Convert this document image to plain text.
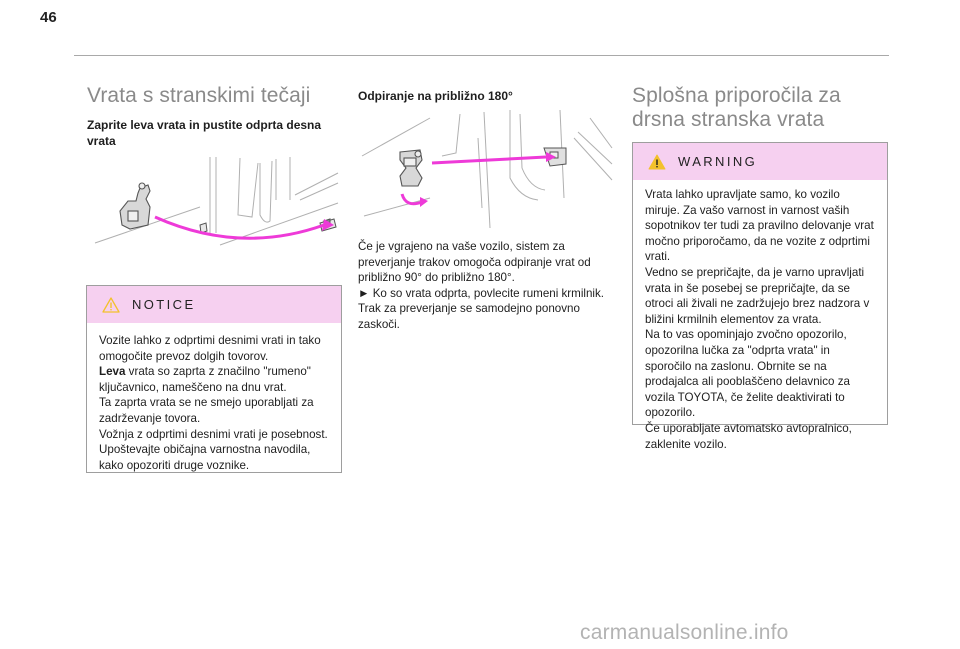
46
Vrata s stranskimi tečaji
Zaprite leva vrata in pustite odprta desna vrata
NOTICE

Vozite lahko z odprtimi desnimi vrati in tako omogočite prevoz dolgih tovorov.

Leva vrata so zaprta z značilno "rumeno" ključavnico, nameščeno na dnu vrat.

Ta zaprta vrata se ne smejo uporabljati za zadrževanje tovora.

Vožnja z odprtimi desnimi vrati je posebnost. Upoštevajte običajna varnostna navodila, kako opozoriti druge voznike.

Odpiranje na približno 180°

Če je vgrajeno na vaše vozilo, sistem za preverjanje trakov omogoča odpiranje vrat od približno 90° do približno 180°.

► Ko so vrata odprta, povlecite rumeni krmilnik. Trak za preverjanje se samodejno ponovno zaskoči.

Splošna priporočila za drsna stranska vrata
WARNING

Vrata lahko upravljate samo, ko vozilo miruje. Za vašo varnost in varnost vaših sopotnikov ter tudi za pravilno delovanje vrat močno priporočamo, da ne vozite z odprtimi vrati.

Vedno se prepričajte, da je varno upravljati vrata in še posebej se prepričajte, da se otroci ali živali ne zadržujejo brez nadzora v bližini krmilnih elementov za vrata.

Na to vas opominjajo zvočno opozorilo, opozorilna lučka za "odprta vrata" in sporočilo na zaslonu. Obrnite se na prodajalca ali pooblaščeno delavnico za vozila TOYOTA, če želite deaktivirati to opozorilo.

Če uporabljate avtomatsko avtopralnico, zaklenite vozilo.

carmanualsonline.info
